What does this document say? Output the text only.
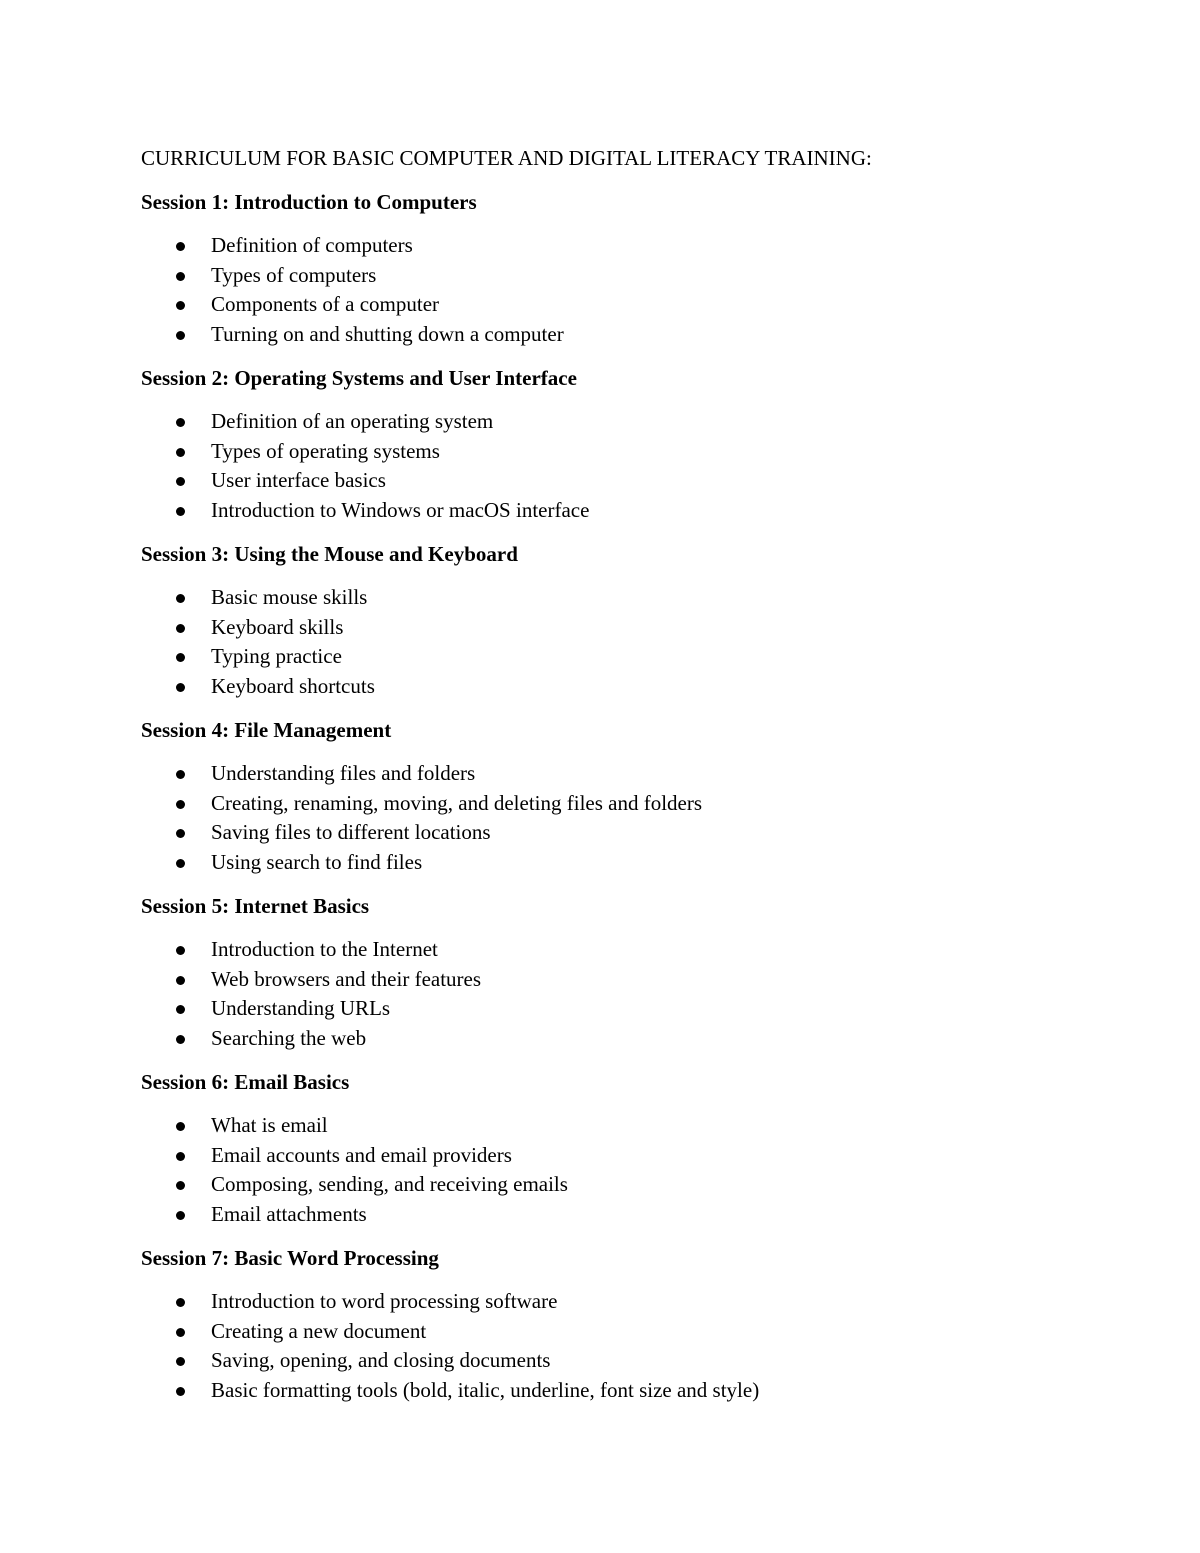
CURRICULUM FOR BASIC COMPUTER AND DIGITAL LITERACY TRAINING:
Session 1: Introduction to Computers
Definition of computers
Types of computers
Components of a computer
Turning on and shutting down a computer
Session 2: Operating Systems and User Interface
Definition of an operating system
Types of operating systems
User interface basics
Introduction to Windows or macOS interface
Session 3: Using the Mouse and Keyboard
Basic mouse skills
Keyboard skills
Typing practice
Keyboard shortcuts
Session 4: File Management
Understanding files and folders
Creating, renaming, moving, and deleting files and folders
Saving files to different locations
Using search to find files
Session 5: Internet Basics
Introduction to the Internet
Web browsers and their features
Understanding URLs
Searching the web
Session 6: Email Basics
What is email
Email accounts and email providers
Composing, sending, and receiving emails
Email attachments
Session 7: Basic Word Processing
Introduction to word processing software
Creating a new document
Saving, opening, and closing documents
Basic formatting tools (bold, italic, underline, font size and style)
